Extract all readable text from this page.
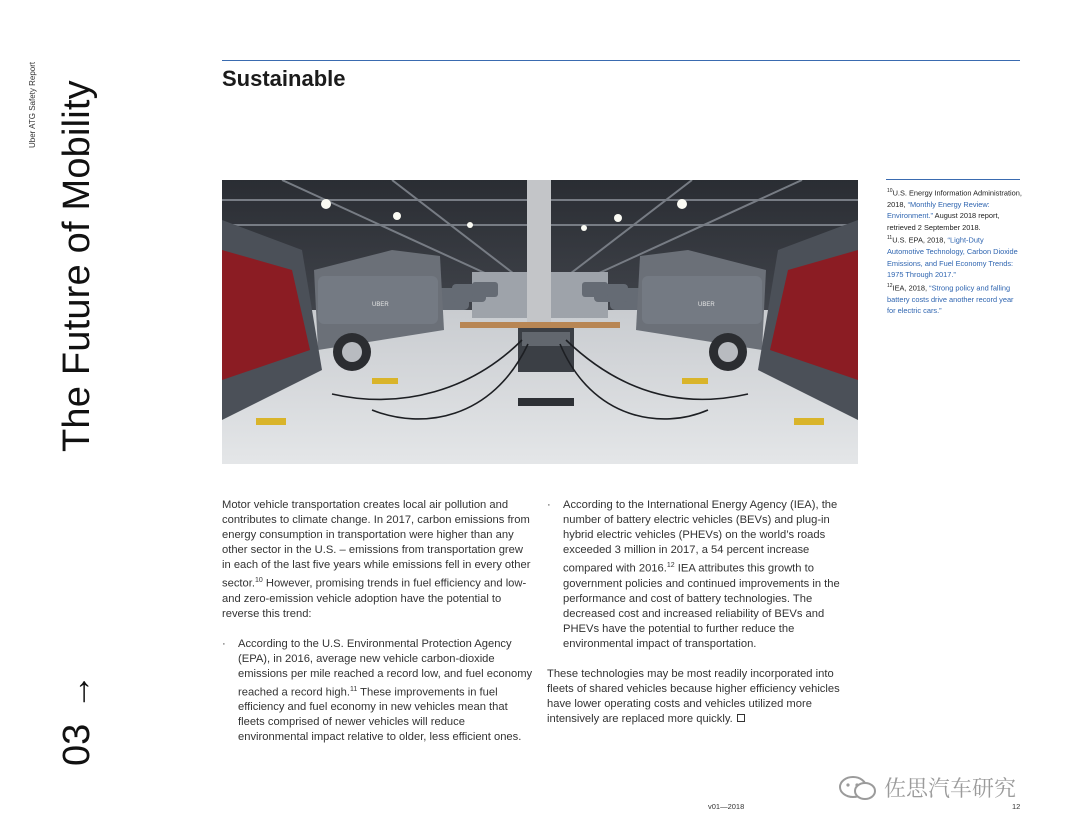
Uber ATG Safety Report The Future of Mobility
03
→
Sustainable
UBER	UBER
$^{10}$U.S. Energy Information Administration, 2018, “Monthly Energy Review: Environment.” August 2018 report, retrieved 2 September 2018.
$^{11}$U.S. EPA, 2018, “Light-Duty Automotive Technology, Carbon Dioxide Emissions, and Fuel Economy Trends: 1975 Through 2017.”
$^{12}$IEA, 2018, “Strong policy and falling battery costs drive another record year for electric cars.”

Motor vehicle transportation creates local air pollution and contributes to climate change. In 2017, carbon emissions from energy consumption in transportation were higher than any other sector in the U.S. – emissions from transportation grew in each of the last five years while emissions fell in every other sector.$^{10}$ However, promising trends in fuel efficiency and low- and zero-emission vehicle adoption have the potential to reverse this trend:

· According to the U.S. Environmental Protection Agency (EPA), in 2016, average new vehicle carbon-dioxide emissions per mile reached a record low, and fuel economy reached a record high.$^{11}$ These improvements in fuel efficiency and fuel economy in new vehicles mean that fleets comprised of newer vehicles will reduce environmental impact relative to older, less efficient ones.
· According to the International Energy Agency (IEA), the number of battery electric vehicles (BEVs) and plug-in hybrid electric vehicles (PHEVs) on the world’s roads exceeded 3 million in 2017, a 54 percent increase compared with 2016.12 IEA attributes this growth to government policies and continued improvements in the performance and cost of battery technologies. The decreased cost and increased reliability of BEVs and PHEVs have the potential to further reduce the environmental impact of transportation.

These technologies may be most readily incorporated into fleets of shared vehicles because higher efficiency vehicles have lower operating costs and vehicles utilized more intensively are replaced more quickly.

v01—2018	12
佐思汽车研究
